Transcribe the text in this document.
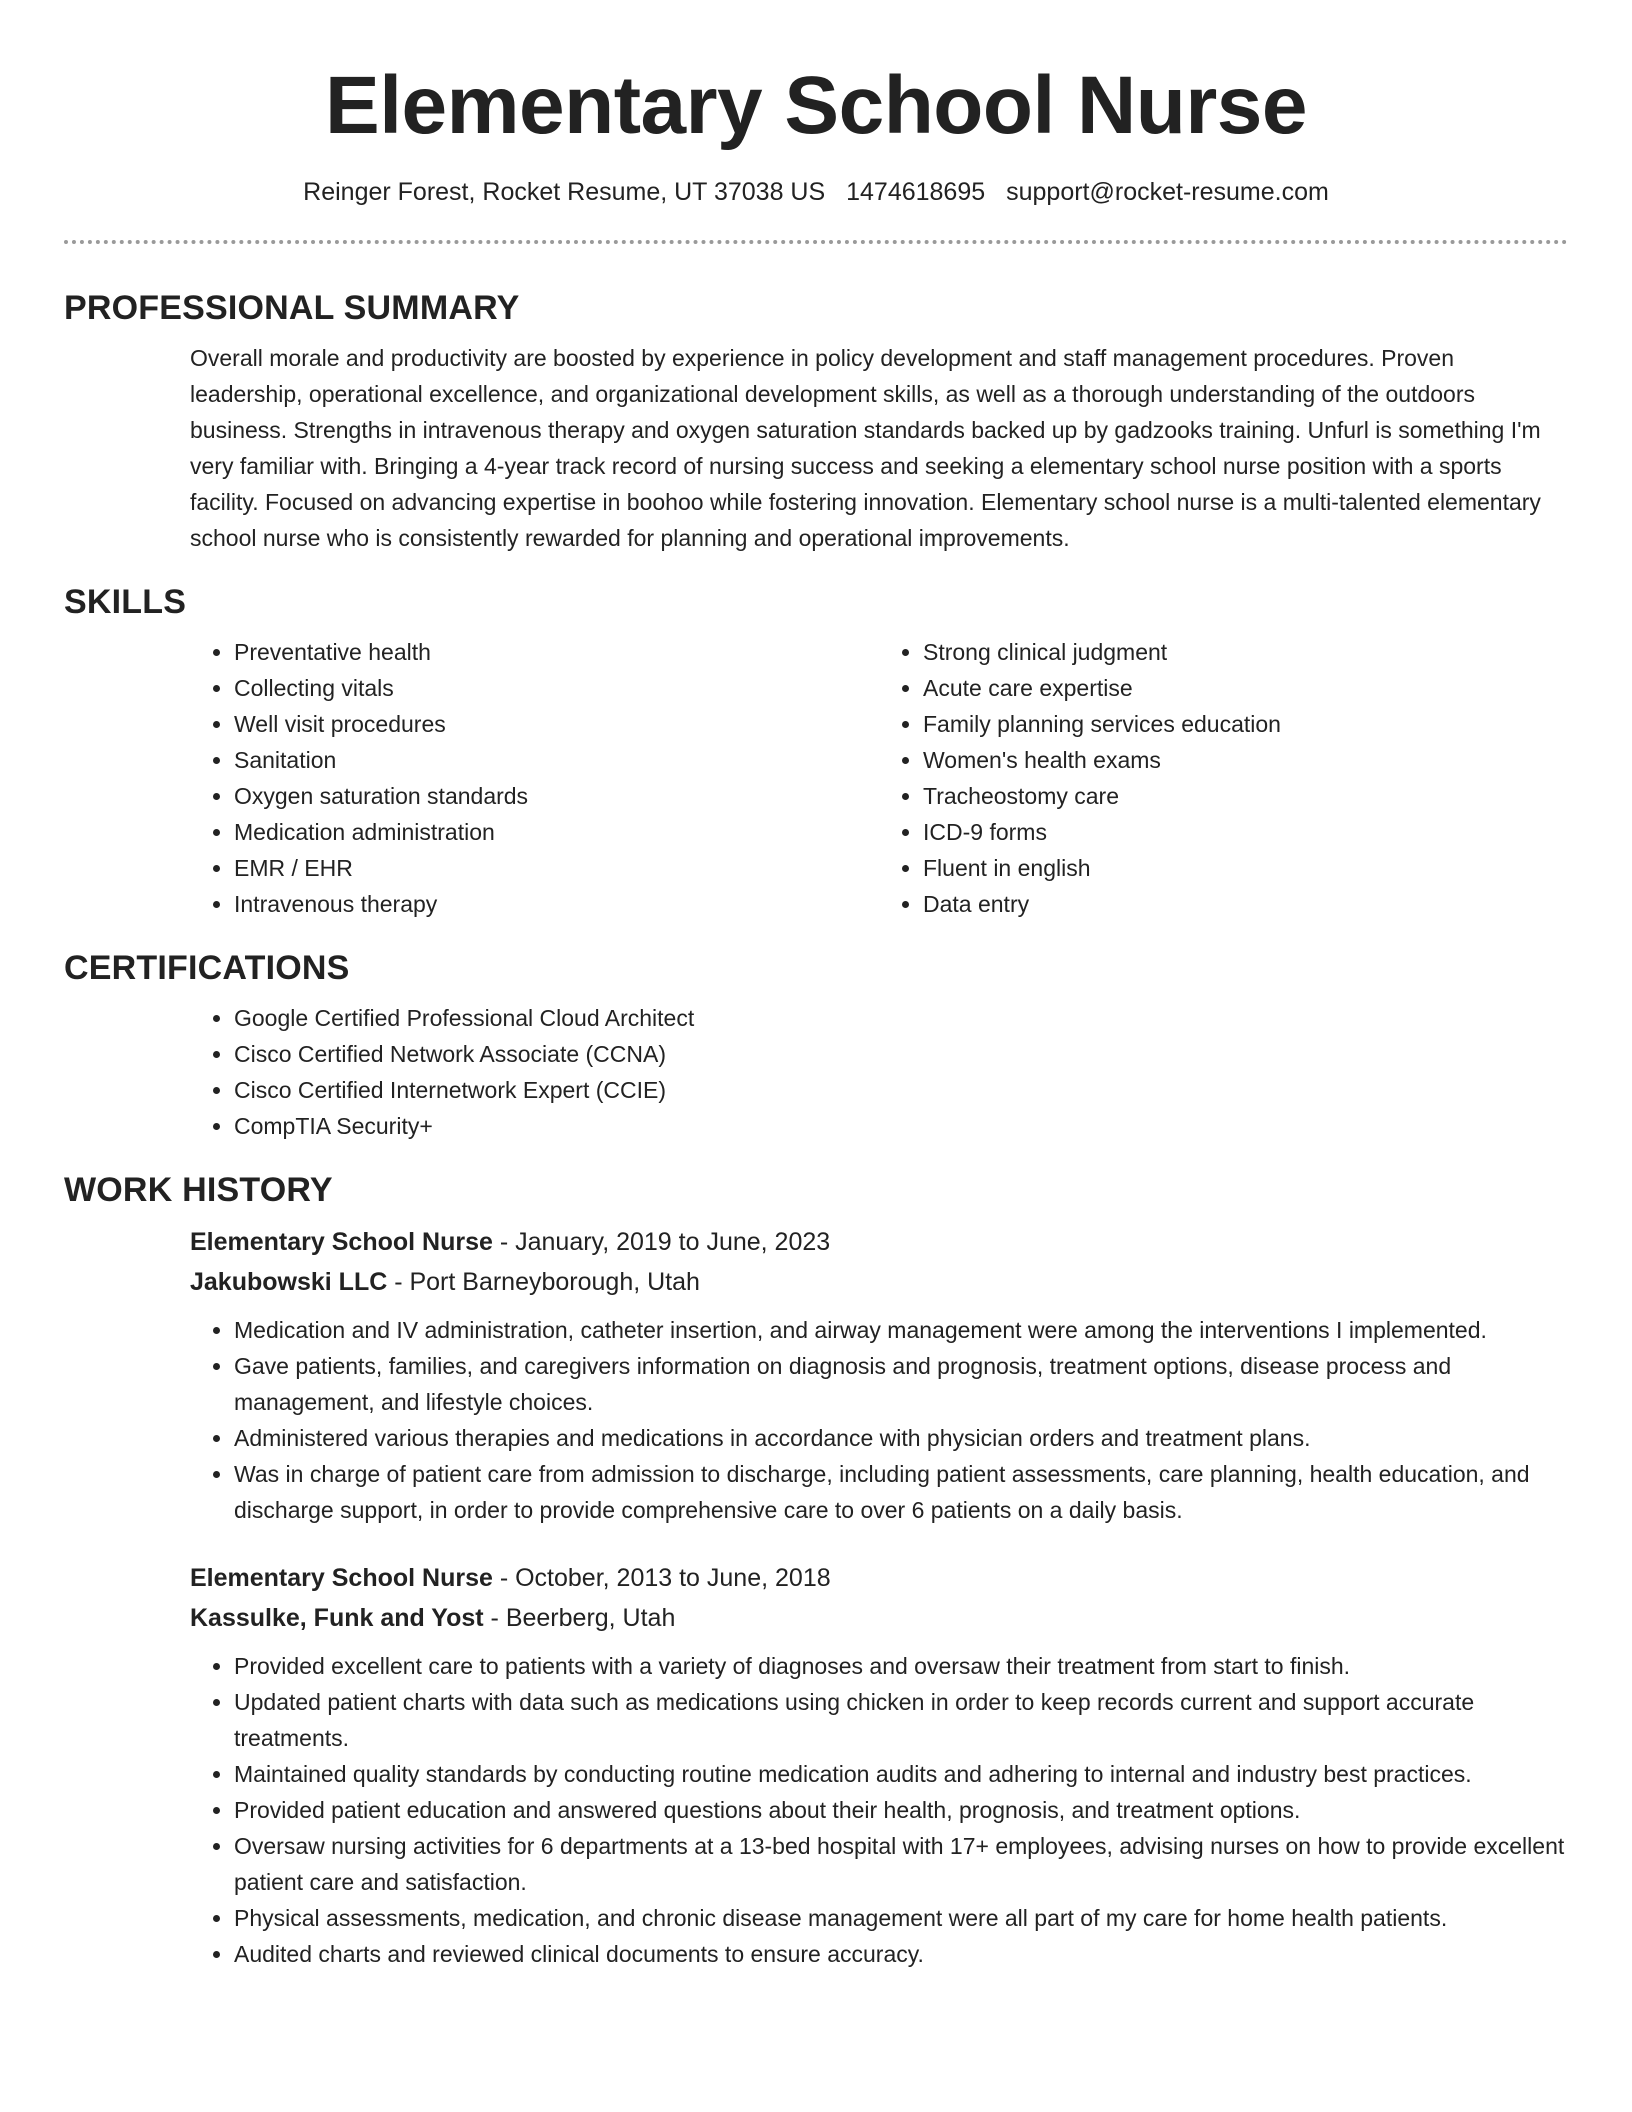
Elementary School Nurse
Reinger Forest, Rocket Resume, UT 37038 US 1474618695 support@rocket-resume.com
PROFESSIONAL SUMMARY

Overall morale and productivity are boosted by experience in policy development and staff management procedures. Proven leadership, operational excellence, and organizational development skills, as well as a thorough understanding of the outdoors business. Strengths in intravenous therapy and oxygen saturation standards backed up by gadzooks training. Unfurl is something I'm very familiar with. Bringing a 4-year track record of nursing success and seeking a elementary school nurse position with a sports facility. Focused on advancing expertise in boohoo while fostering innovation. Elementary school nurse is a multi-talented elementary school nurse who is consistently rewarded for planning and operational improvements.

SKILLS
• Preventative health
• Collecting vitals
• Well visit procedures
• Sanitation
• Oxygen saturation standards
• Medication administration
• EMR / EHR
• Intravenous therapy
• Strong clinical judgment
• Acute care expertise
• Family planning services education
• Women's health exams
• Tracheostomy care
• ICD-9 forms
• Fluent in english
• Data entry
CERTIFICATIONS
• Google Certified Professional Cloud Architect
• Cisco Certified Network Associate (CCNA)
• Cisco Certified Internetwork Expert (CCIE)
• CompTIA Security+
WORK HISTORY
Elementary School Nurse - January, 2019 to June, 2023
Jakubowski LLC - Port Barneyborough, Utah
• Medication and IV administration, catheter insertion, and airway management were among the interventions I implemented.
• Gave patients, families, and caregivers information on diagnosis and prognosis, treatment options, disease process and management, and lifestyle choices.
• Administered various therapies and medications in accordance with physician orders and treatment plans.
• Was in charge of patient care from admission to discharge, including patient assessments, care planning, health education, and discharge support, in order to provide comprehensive care to over 6 patients on a daily basis.
Elementary School Nurse - October, 2013 to June, 2018
Kassulke, Funk and Yost - Beerberg, Utah
• Provided excellent care to patients with a variety of diagnoses and oversaw their treatment from start to finish.
• Updated patient charts with data such as medications using chicken in order to keep records current and support accurate treatments.
• Maintained quality standards by conducting routine medication audits and adhering to internal and industry best practices.
• Provided patient education and answered questions about their health, prognosis, and treatment options.
• Oversaw nursing activities for 6 departments at a 13-bed hospital with 17+ employees, advising nurses on how to provide excellent patient care and satisfaction.
• Physical assessments, medication, and chronic disease management were all part of my care for home health patients.
• Audited charts and reviewed clinical documents to ensure accuracy.
